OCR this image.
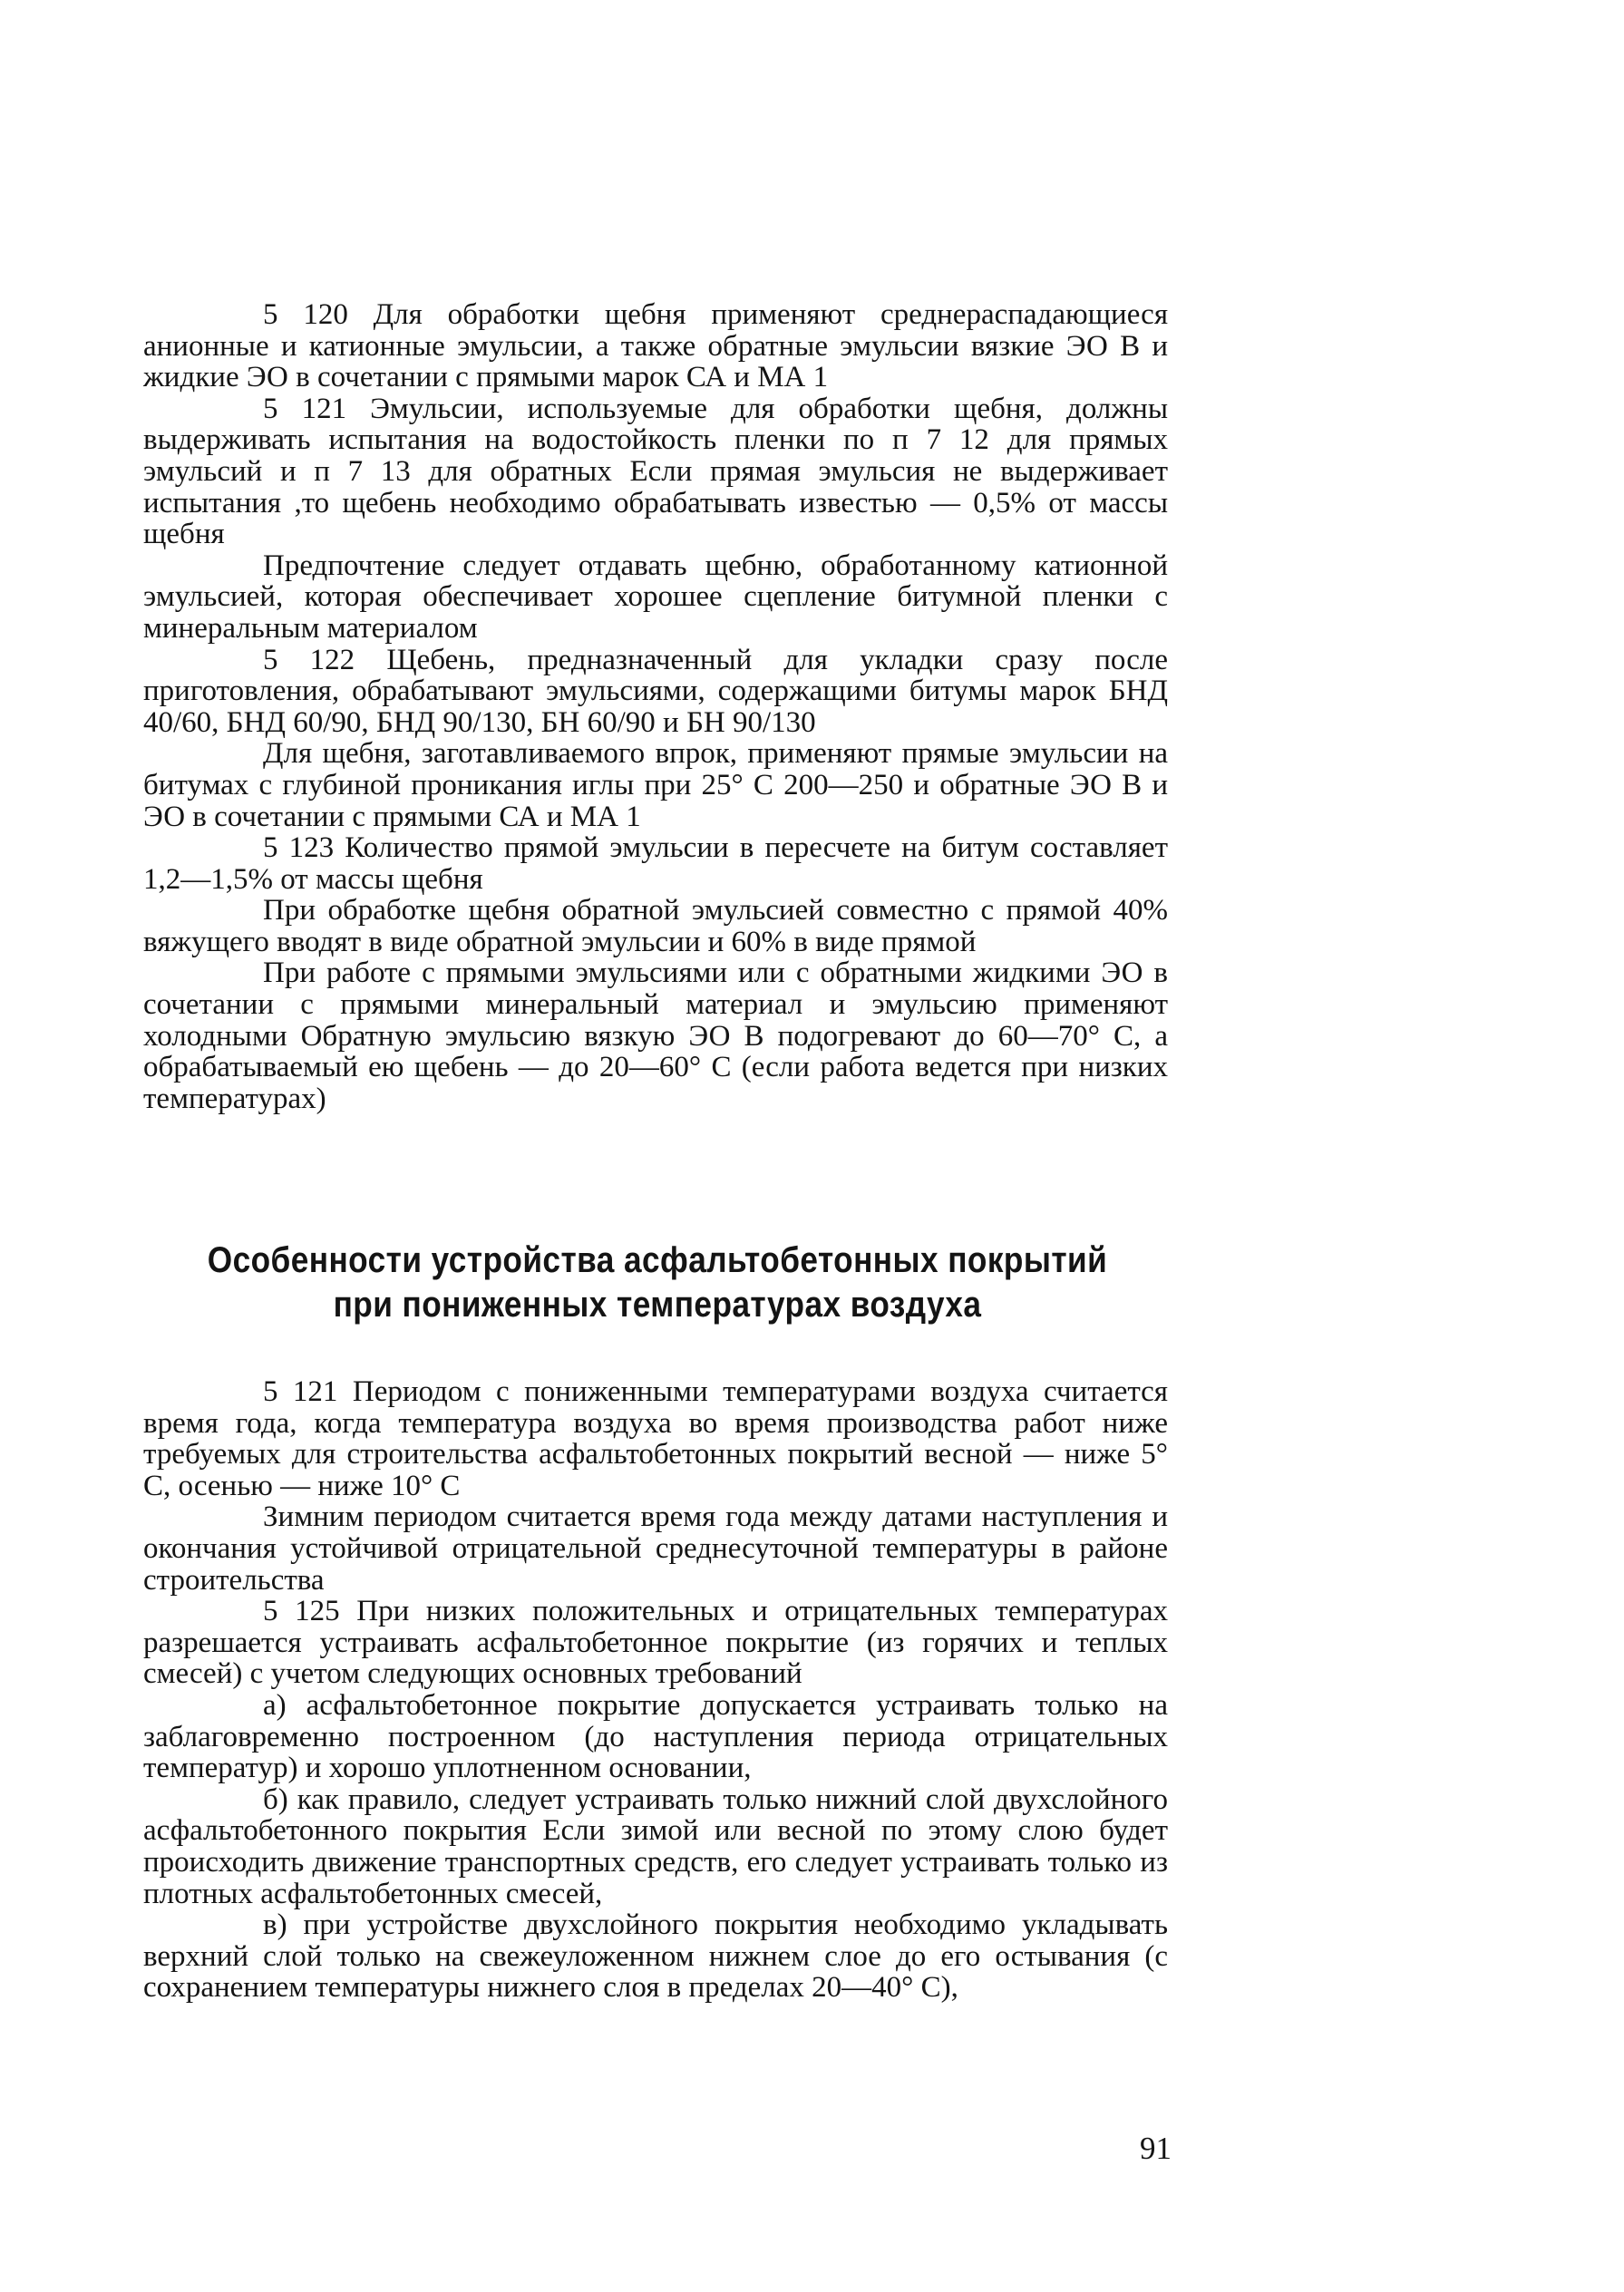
5 120 Для обработки щебня применяют среднераспадающиеся анионные и катионные эмульсии, а также обратные эмульсии вязкие ЭО В и жидкие ЭО в сочетании с прямыми марок СА и МА 1

5 121 Эмульсии, используемые для обработки щебня, должны выдерживать испытания на водостойкость пленки по п 7 12 для прямых эмульсий и п 7 13 для обратных Если прямая эмульсия не выдерживает испытания ,то щебень необходимо обрабатывать известью — 0,5% от массы щебня

Предпочтение следует отдавать щебню, обработанному катионной эмульсией, которая обеспечивает хорошее сцепление битумной пленки с минеральным материалом

5 122 Щебень, предназначенный для укладки сразу после приготовления, обрабатывают эмульсиями, содержащими битумы марок БНД 40/60, БНД 60/90, БНД 90/130, БН 60/90 и БН 90/130

Для щебня, заготавливаемого впрок, применяют прямые эмульсии на битумах с глубиной проникания иглы при 25° С 200—250 и обратные ЭО В и ЭО в сочетании с прямыми СА и МА 1

5 123 Количество прямой эмульсии в пересчете на битум составляет 1,2—1,5% от массы щебня

При обработке щебня обратной эмульсией совместно с прямой 40% вяжущего вводят в виде обратной эмульсии и 60% в виде прямой

При работе с прямыми эмульсиями или с обратными жидкими ЭО в сочетании с прямыми минеральный материал и эмульсию применяют холодными Обратную эмульсию вязкую ЭО В подогревают до 60—70° С, а обрабатываемый ею щебень — до 20—60° С (если работа ведется при низких температурах)

Особенности устройства асфальтобетонных покрытий
при пониженных температурах воздуха

5 121 Периодом с пониженными температурами воздуха считается время года, когда температура воздуха во время производства работ ниже требуемых для строительства асфальтобетонных покрытий весной — ниже 5° С, осенью — ниже 10° С

Зимним периодом считается время года между датами наступления и окончания устойчивой отрицательной среднесуточной температуры в районе строительства

5 125 При низких положительных и отрицательных температурах разрешается устраивать асфальтобетонное покрытие (из горячих и теплых смесей) с учетом следующих основных требований

а) асфальтобетонное покрытие допускается устраивать только на заблаговременно построенном (до наступления периода отрицательных температур) и хорошо уплотненном основании,

б) как правило, следует устраивать только нижний слой двухслойного асфальтобетонного покрытия Если зимой или весной по этому слою будет происходить движение транспортных средств, его следует устраивать только из плотных асфальтобетонных смесей,

в) при устройстве двухслойного покрытия необходимо укладывать верхний слой только на свежеуложенном нижнем слое до его остывания (с сохранением температуры нижнего слоя в пределах 20—40° С),

91
